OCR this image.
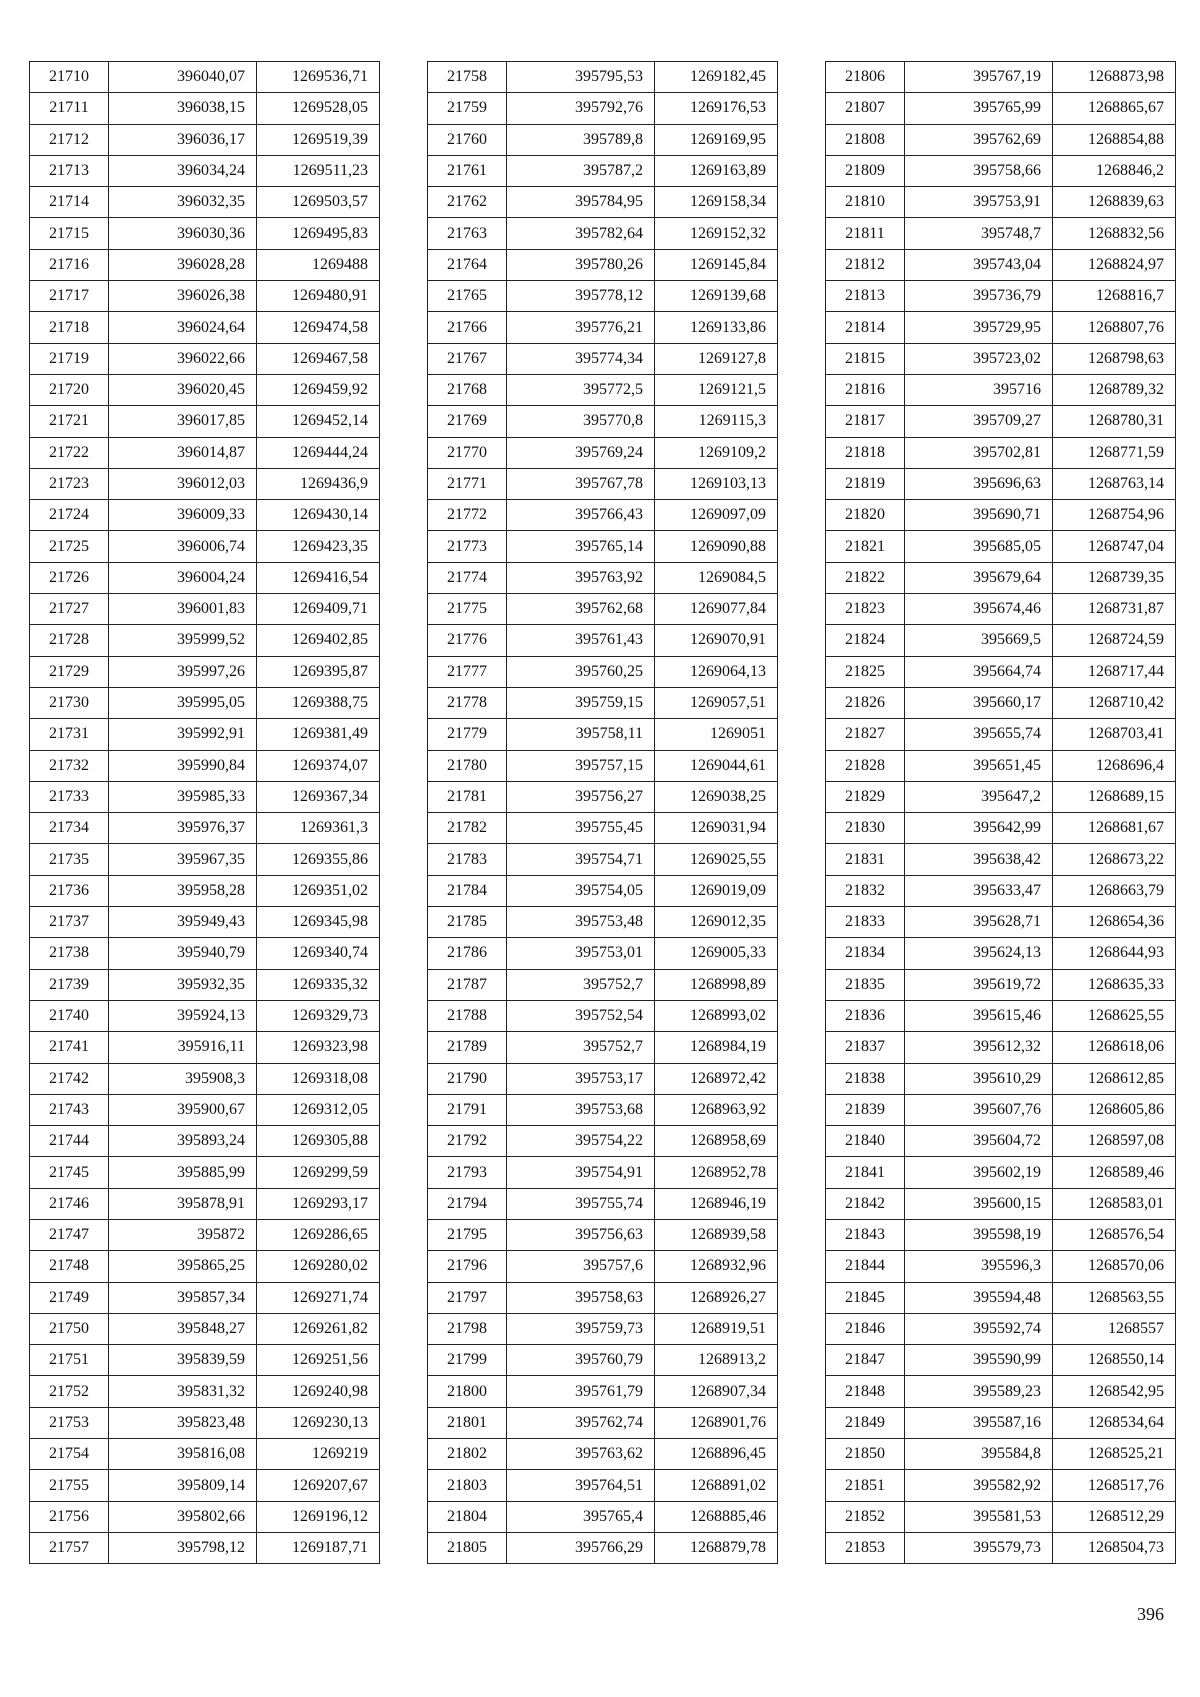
21710	396040,07	1269536,71
21711	396038,15	1269528,05
21712	396036,17	1269519,39
21713	396034,24	1269511,23
21714	396032,35	1269503,57
21715	396030,36	1269495,83
21716	396028,28	1269488
21717	396026,38	1269480,91
21718	396024,64	1269474,58
21719	396022,66	1269467,58
21720	396020,45	1269459,92
21721	396017,85	1269452,14
21722	396014,87	1269444,24
21723	396012,03	1269436,9
21724	396009,33	1269430,14
21725	396006,74	1269423,35
21726	396004,24	1269416,54
21727	396001,83	1269409,71
21728	395999,52	1269402,85
21729	395997,26	1269395,87
21730	395995,05	1269388,75
21731	395992,91	1269381,49
21732	395990,84	1269374,07
21733	395985,33	1269367,34
21734	395976,37	1269361,3
21735	395967,35	1269355,86
21736	395958,28	1269351,02
21737	395949,43	1269345,98
21738	395940,79	1269340,74
21739	395932,35	1269335,32
21740	395924,13	1269329,73
21741	395916,11	1269323,98
21742	395908,3	1269318,08
21743	395900,67	1269312,05
21744	395893,24	1269305,88
21745	395885,99	1269299,59
21746	395878,91	1269293,17
21747	395872	1269286,65
21748	395865,25	1269280,02
21749	395857,34	1269271,74
21750	395848,27	1269261,82
21751	395839,59	1269251,56
21752	395831,32	1269240,98
21753	395823,48	1269230,13
21754	395816,08	1269219
21755	395809,14	1269207,67
21756	395802,66	1269196,12
21757	395798,12	1269187,71
21758	395795,53	1269182,45
21759	395792,76	1269176,53
21760	395789,8	1269169,95
21761	395787,2	1269163,89
21762	395784,95	1269158,34
21763	395782,64	1269152,32
21764	395780,26	1269145,84
21765	395778,12	1269139,68
21766	395776,21	1269133,86
21767	395774,34	1269127,8
21768	395772,5	1269121,5
21769	395770,8	1269115,3
21770	395769,24	1269109,2
21771	395767,78	1269103,13
21772	395766,43	1269097,09
21773	395765,14	1269090,88
21774	395763,92	1269084,5
21775	395762,68	1269077,84
21776	395761,43	1269070,91
21777	395760,25	1269064,13
21778	395759,15	1269057,51
21779	395758,11	1269051
21780	395757,15	1269044,61
21781	395756,27	1269038,25
21782	395755,45	1269031,94
21783	395754,71	1269025,55
21784	395754,05	1269019,09
21785	395753,48	1269012,35
21786	395753,01	1269005,33
21787	395752,7	1268998,89
21788	395752,54	1268993,02
21789	395752,7	1268984,19
21790	395753,17	1268972,42
21791	395753,68	1268963,92
21792	395754,22	1268958,69
21793	395754,91	1268952,78
21794	395755,74	1268946,19
21795	395756,63	1268939,58
21796	395757,6	1268932,96
21797	395758,63	1268926,27
21798	395759,73	1268919,51
21799	395760,79	1268913,2
21800	395761,79	1268907,34
21801	395762,74	1268901,76
21802	395763,62	1268896,45
21803	395764,51	1268891,02
21804	395765,4	1268885,46
21805	395766,29	1268879,78
21806	395767,19	1268873,98
21807	395765,99	1268865,67
21808	395762,69	1268854,88
21809	395758,66	1268846,2
21810	395753,91	1268839,63
21811	395748,7	1268832,56
21812	395743,04	1268824,97
21813	395736,79	1268816,7
21814	395729,95	1268807,76
21815	395723,02	1268798,63
21816	395716	1268789,32
21817	395709,27	1268780,31
21818	395702,81	1268771,59
21819	395696,63	1268763,14
21820	395690,71	1268754,96
21821	395685,05	1268747,04
21822	395679,64	1268739,35
21823	395674,46	1268731,87
21824	395669,5	1268724,59
21825	395664,74	1268717,44
21826	395660,17	1268710,42
21827	395655,74	1268703,41
21828	395651,45	1268696,4
21829	395647,2	1268689,15
21830	395642,99	1268681,67
21831	395638,42	1268673,22
21832	395633,47	1268663,79
21833	395628,71	1268654,36
21834	395624,13	1268644,93
21835	395619,72	1268635,33
21836	395615,46	1268625,55
21837	395612,32	1268618,06
21838	395610,29	1268612,85
21839	395607,76	1268605,86
21840	395604,72	1268597,08
21841	395602,19	1268589,46
21842	395600,15	1268583,01
21843	395598,19	1268576,54
21844	395596,3	1268570,06
21845	395594,48	1268563,55
21846	395592,74	1268557
21847	395590,99	1268550,14
21848	395589,23	1268542,95
21849	395587,16	1268534,64
21850	395584,8	1268525,21
21851	395582,92	1268517,76
21852	395581,53	1268512,29
21853	395579,73	1268504,73
396
